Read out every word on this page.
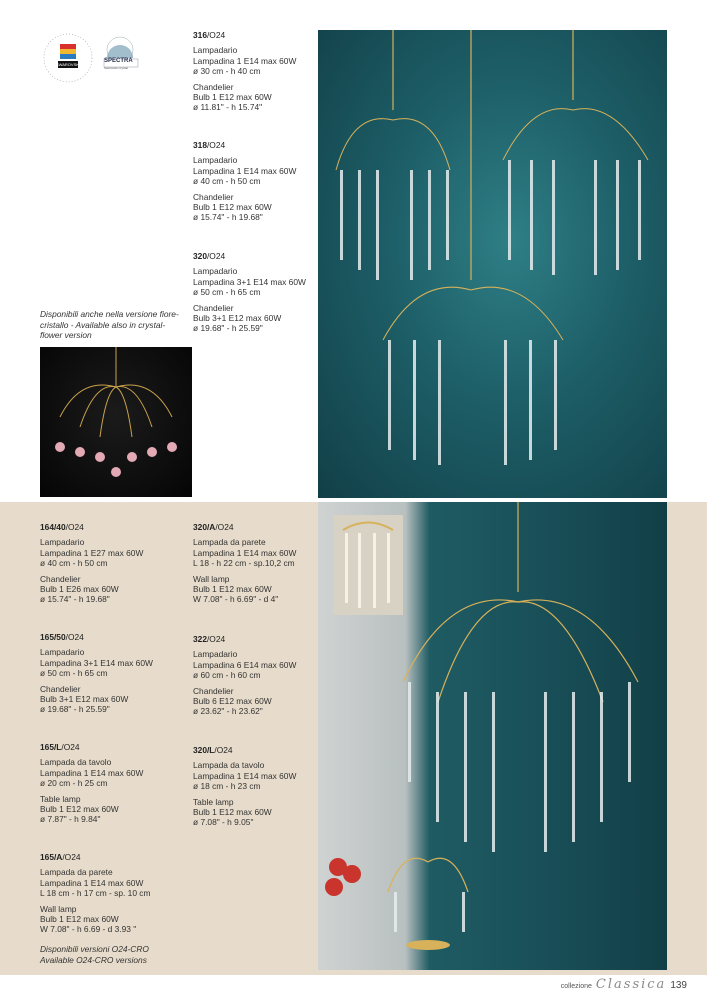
SWAROVSKI
SPECTRA
Swarovski Crystal
316/O24
Lampadario
Lampadina 1 E14 max 60W
ø 30 cm - h 40 cm
Chandelier
Bulb 1 E12 max 60W
ø 11.81" - h 15.74"
318/O24
Lampadario
Lampadina 1 E14 max 60W
ø 40 cm - h 50 cm
Chandelier
Bulb 1 E12 max 60W
ø 15.74" - h 19.68"
320/O24
Lampadario
Lampadina 3+1 E14 max 60W
ø 50 cm - h 65 cm
Chandelier
Bulb 3+1 E12 max 60W
ø 19.68" - h 25.59"
Disponibili anche nella versione fiore-cristallo - Available also in crystal-flower version
164/40/O24
Lampadario
Lampadina 1 E27 max 60W
ø 40 cm - h 50 cm
Chandelier
Bulb 1 E26 max 60W
ø 15.74" - h 19.68"
165/50/O24
Lampadario
Lampadina 3+1 E14 max 60W
ø 50 cm - h 65 cm
Chandelier
Bulb 3+1 E12 max 60W
ø 19.68" - h 25.59"
165/L/O24
Lampada da tavolo
Lampadina 1 E14 max 60W
ø 20 cm - h 25 cm
Table lamp
Bulb 1 E12 max 60W
ø 7.87" - h 9.84"
165/A/O24
Lampada da parete
Lampadina 1 E14 max 60W
L 18 cm - h 17 cm - sp. 10 cm
Wall lamp
Bulb 1 E12 max 60W
W 7.08" - h 6.69 - d 3.93 "
Disponibili versioni O24-CRO Available O24-CRO versions
320/A/O24
Lampada da parete
Lampadina 1 E14 max 60W
L 18 - h 22 cm - sp.10,2 cm
Wall lamp
Bulb 1 E12 max 60W
W 7.08" - h 6.69" - d 4"
322/O24
Lampadario
Lampadina 6 E14 max 60W
ø 60 cm - h 60 cm
Chandelier
Bulb 6 E12 max 60W
ø 23.62" - h 23.62"
320/L/O24
Lampada da tavolo
Lampadina 1 E14 max 60W
ø 18 cm - h 23 cm
Table lamp
Bulb 1 E12 max 60W
ø 7.08" - h 9.05"
collezione Classica 139
